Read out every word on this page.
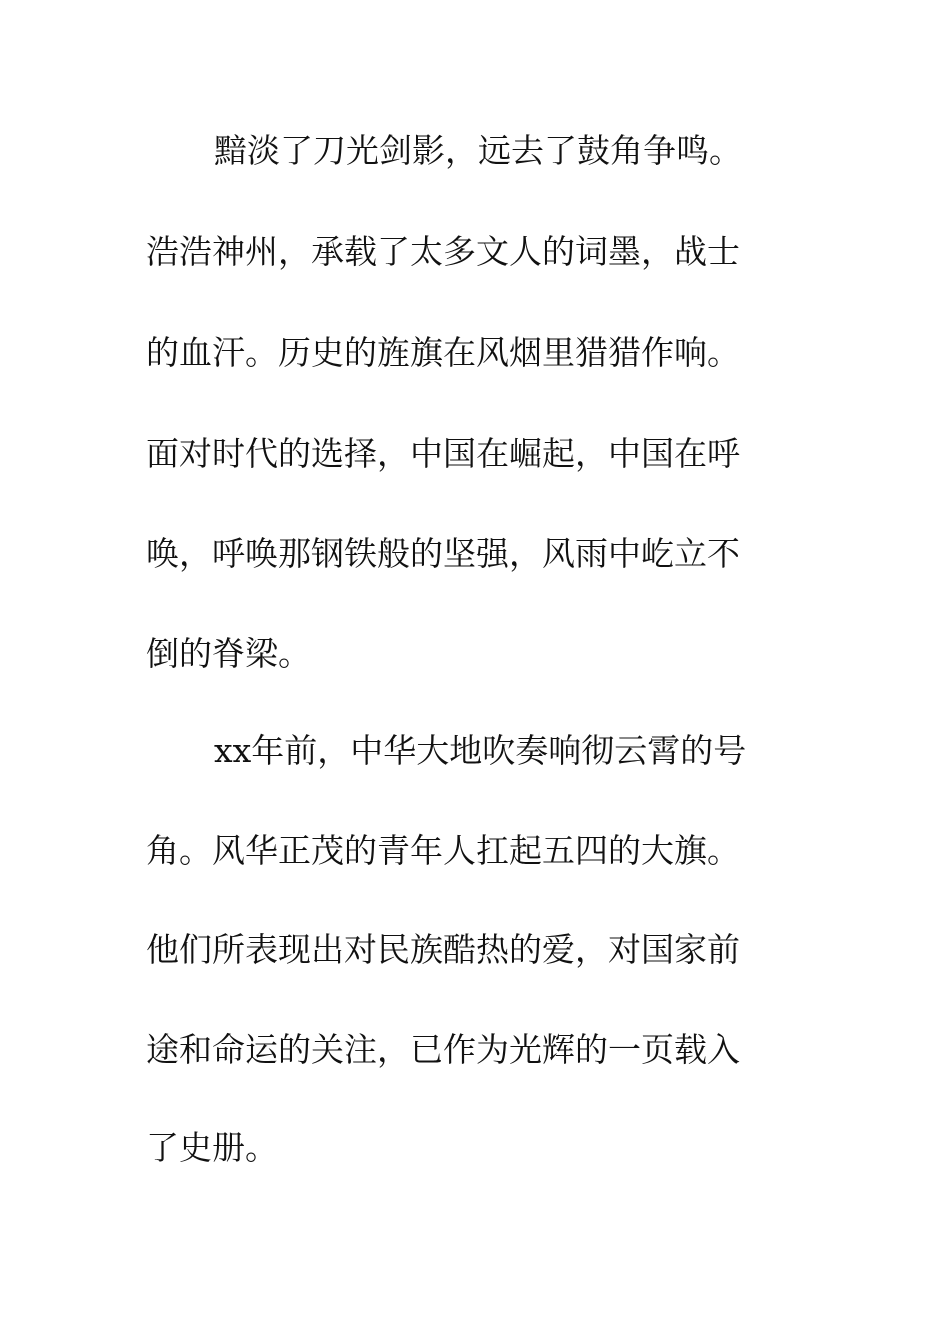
黯淡了刀光剑影，远去了鼓角争鸣。

浩浩神州，承载了太多文人的词墨，战士

的血汗。历史的旌旗在风烟里猎猎作响。

面对时代的选择，中国在崛起，中国在呼

唤，呼唤那钢铁般的坚强，风雨中屹立不

倒的脊梁。

xx年前，中华大地吹奏响彻云霄的号

角。风华正茂的青年人扛起五四的大旗。

他们所表现出对民族酷热的爱，对国家前

途和命运的关注，已作为光辉的一页载入

了史册。
